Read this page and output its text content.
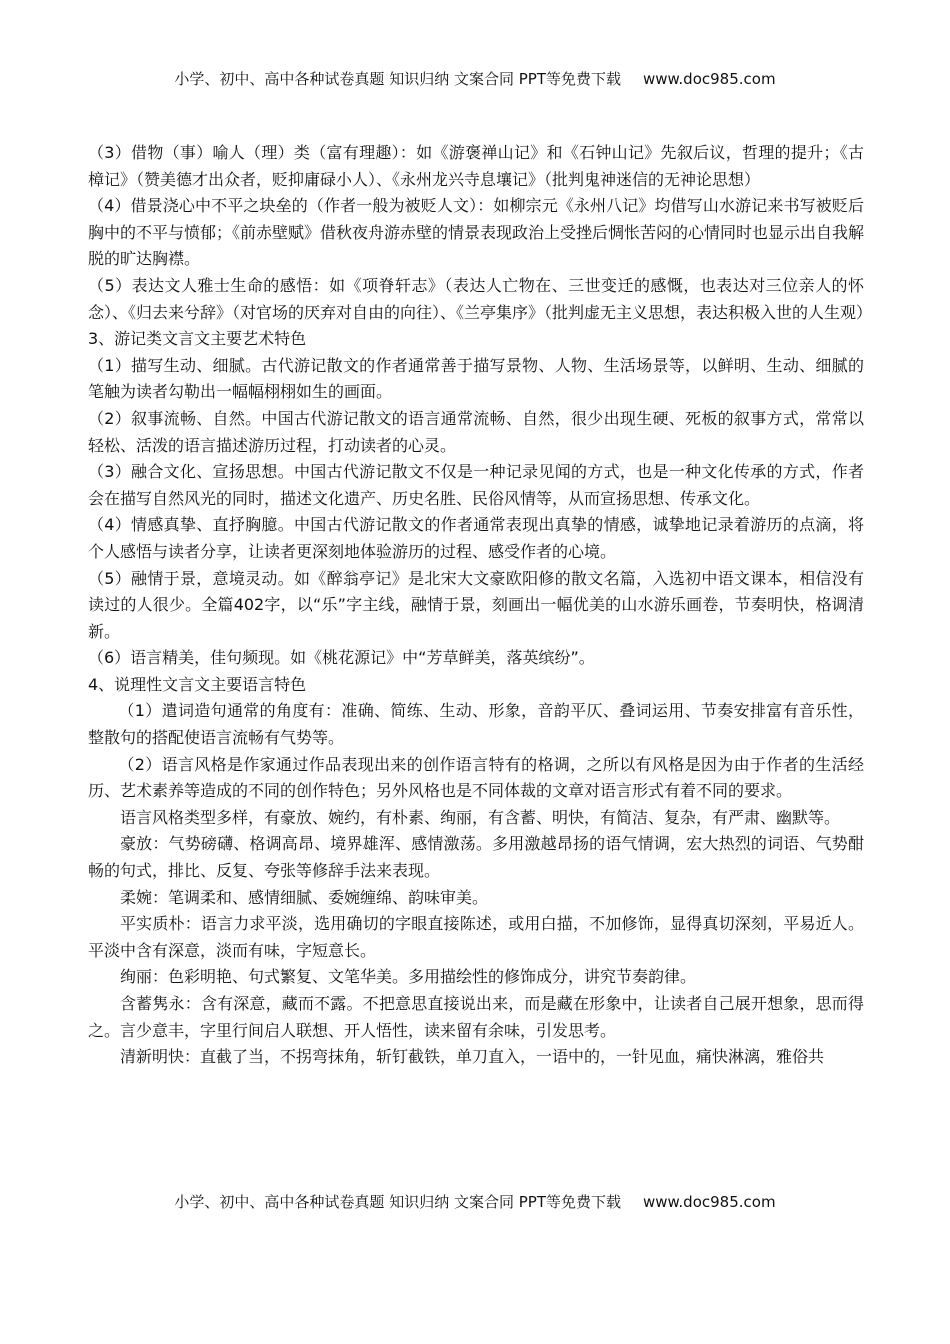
小学、初中、高中各种试卷真题 知识归纳 文案合同 PPT等免费下载 www.doc985.com

（3）借物（事）喻人（理）类（富有理趣）：如《游褒禅山记》和《石钟山记》先叙后议，哲理的提升；《古樟记》（赞美德才出众者，贬抑庸碌小人）、《永州龙兴寺息壤记》（批判鬼神迷信的无神论思想）

（4）借景浇心中不平之块垒的（作者一般为被贬人文）：如柳宗元《永州八记》均借写山水游记来书写被贬后胸中的不平与愤郁；《前赤壁赋》借秋夜舟游赤壁的情景表现政治上受挫后惆怅苦闷的心情同时也显示出自我解脱的旷达胸襟。

（5）表达文人雅士生命的感悟：如《项脊轩志》（表达人亡物在、三世变迁的感慨，也表达对三位亲人的怀念）、《归去来兮辞》（对官场的厌弃对自由的向往）、《兰亭集序》（批判虚无主义思想，表达积极入世的人生观）

3、游记类文言文主要艺术特色

（1）描写生动、细腻。古代游记散文的作者通常善于描写景物、人物、生活场景等，以鲜明、生动、细腻的笔触为读者勾勒出一幅幅栩栩如生的画面。

（2）叙事流畅、自然。中国古代游记散文的语言通常流畅、自然，很少出现生硬、死板的叙事方式，常常以轻松、活泼的语言描述游历过程，打动读者的心灵。

（3）融合文化、宣扬思想。中国古代游记散文不仅是一种记录见闻的方式，也是一种文化传承的方式，作者会在描写自然风光的同时，描述文化遗产、历史名胜、民俗风情等，从而宣扬思想、传承文化。

（4）情感真挚、直抒胸臆。中国古代游记散文的作者通常表现出真挚的情感，诚挚地记录着游历的点滴，将个人感悟与读者分享，让读者更深刻地体验游历的过程、感受作者的心境。

（5）融情于景，意境灵动。如《醉翁亭记》是北宋大文豪欧阳修的散文名篇，入选初中语文课本，相信没有读过的人很少。全篇402字，以“乐”字主线，融情于景，刻画出一幅优美的山水游乐画卷，节奏明快，格调清新。

（6）语言精美，佳句频现。如《桃花源记》中“芳草鲜美，落英缤纷”。

4、说理性文言文主要语言特色

（1）遣词造句通常的角度有：准确、简练、生动、形象，音韵平仄、叠词运用、节奏安排富有音乐性，整散句的搭配使语言流畅有气势等。

（2）语言风格是作家通过作品表现出来的创作语言特有的格调，之所以有风格是因为由于作者的生活经历、艺术素养等造成的不同的创作特色；另外风格也是不同体裁的文章对语言形式有着不同的要求。

语言风格类型多样，有豪放、婉约，有朴素、绚丽，有含蓄、明快，有简洁、复杂，有严肃、幽默等。

豪放：气势磅礴、格调高昂、境界雄浑、感情激荡。多用激越昂扬的语气情调，宏大热烈的词语、气势酣畅的句式，排比、反复、夸张等修辞手法来表现。

柔婉：笔调柔和、感情细腻、委婉缠绵、韵味审美。

平实质朴：语言力求平淡，选用确切的字眼直接陈述，或用白描，不加修饰，显得真切深刻，平易近人。平淡中含有深意，淡而有味，字短意长。

绚丽：色彩明艳、句式繁复、文笔华美。多用描绘性的修饰成分，讲究节奏韵律。

含蓄隽永：含有深意，藏而不露。不把意思直接说出来，而是藏在形象中，让读者自己展开想象，思而得之。言少意丰，字里行间启人联想、开人悟性，读来留有余味，引发思考。

清新明快：直截了当，不拐弯抹角，斩钉截铁，单刀直入，一语中的，一针见血，痛快淋漓，雅俗共

小学、初中、高中各种试卷真题 知识归纳 文案合同 PPT等免费下载 www.doc985.com
